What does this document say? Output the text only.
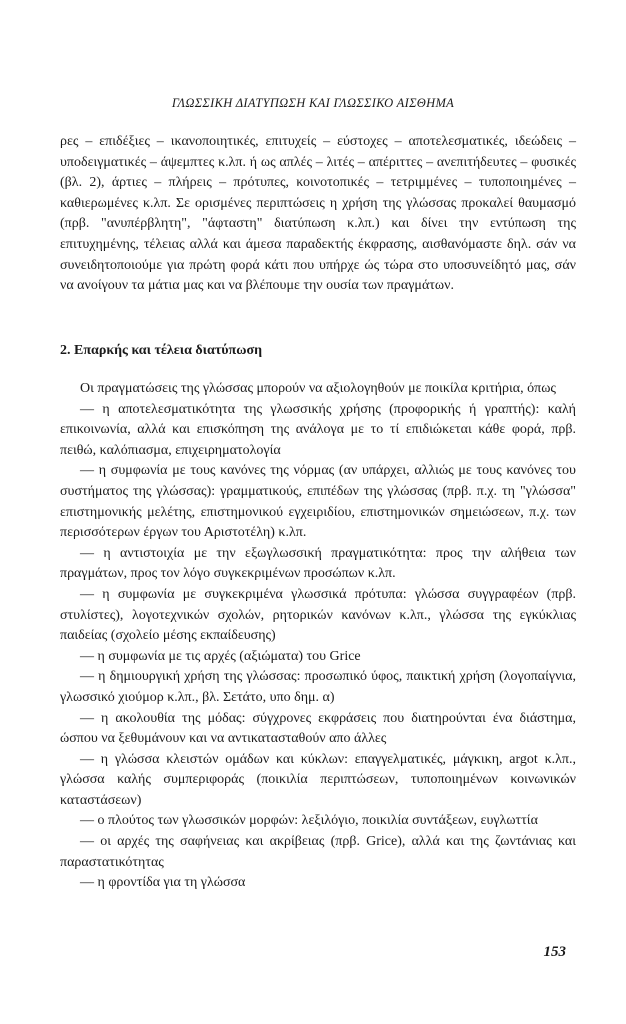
ΓΛΩΣΣΙΚΗ ΔΙΑΤΥΠΩΣΗ ΚΑΙ ΓΛΩΣΣΙΚΟ ΑΙΣΘΗΜΑ

ρες – επιδέξιες – ικανοποιητικές, επιτυχείς – εύστοχες – αποτελεσματικές, ιδεώδεις – υποδειγματικές – άψεμπτες κ.λπ. ή ως απλές – λιτές – απέριττες – ανεπιτήδευτες – φυσικές (βλ. 2), άρτιες – πλήρεις – πρότυπες, κοινοτοπικές – τετριμμένες – τυποποιημένες – καθιερωμένες κ.λπ. Σε ορισμένες περιπτώσεις η χρήση της γλώσσας προκαλεί θαυμασμό (πρβ. "ανυπέρβλητη", "άφταστη" διατύπωση κ.λπ.) και δίνει την εντύπωση της επιτυχημένης, τέλειας αλλά και άμεσα παραδεκτής έκφρασης, αισθανόμαστε δηλ. σάν να συνειδητοποιούμε για πρώτη φορά κάτι που υπήρχε ώς τώρα στο υποσυνείδητό μας, σάν να ανοίγουν τα μάτια μας και να βλέπουμε την ουσία των πραγμάτων.

2. Επαρκής και τέλεια διατύπωση

Οι πραγματώσεις της γλώσσας μπορούν να αξιολογηθούν με ποικίλα κριτήρια, όπως

— η αποτελεσματικότητα της γλωσσικής χρήσης (προφορικής ή γραπτής): καλή επικοινωνία, αλλά και επισκόπηση της ανάλογα με το τί επιδιώκεται κάθε φορά, πρβ. πειθώ, καλόπιασμα, επιχειρηματολογία

— η συμφωνία με τους κανόνες της νόρμας (αν υπάρχει, αλλιώς με τους κανόνες του συστήματος της γλώσσας): γραμματικούς, επιπέδων της γλώσσας (πρβ. π.χ. τη "γλώσσα" επιστημονικής μελέτης, επιστημονικού εγχειριδίου, επιστημονικών σημειώσεων, π.χ. των περισσότερων έργων του Αριστοτέλη) κ.λπ.

— η αντιστοιχία με την εξωγλωσσική πραγματικότητα: προς την αλήθεια των πραγμάτων, προς τον λόγο συγκεκριμένων προσώπων κ.λπ.

— η συμφωνία με συγκεκριμένα γλωσσικά πρότυπα: γλώσσα συγγραφέων (πρβ. στυλίστες), λογοτεχνικών σχολών, ρητορικών κανόνων κ.λπ., γλώσσα της εγκύκλιας παιδείας (σχολείο μέσης εκπαίδευσης)

— η συμφωνία με τις αρχές (αξιώματα) του Grice

— η δημιουργική χρήση της γλώσσας: προσωπικό ύφος, παικτική χρήση (λογοπαίγνια, γλωσσικό χιούμορ κ.λπ., βλ. Σετάτο, υπο δημ. α)

— η ακολουθία της μόδας: σύγχρονες εκφράσεις που διατηρούνται ένα διάστημα, ώσπου να ξεθυμάνουν και να αντικατασταθούν απο άλλες

— η γλώσσα κλειστών ομάδων και κύκλων: επαγγελματικές, μάγκικη, argot κ.λπ., γλώσσα καλής συμπεριφοράς (ποικιλία περιπτώσεων, τυποποιημένων κοινωνικών καταστάσεων)

— ο πλούτος των γλωσσικών μορφών: λεξιλόγιο, ποικιλία συντάξεων, ευγλωττία

— οι αρχές της σαφήνειας και ακρίβειας (πρβ. Grice), αλλά και της ζωντάνιας και παραστατικότητας

— η φροντίδα για τη γλώσσα

153
